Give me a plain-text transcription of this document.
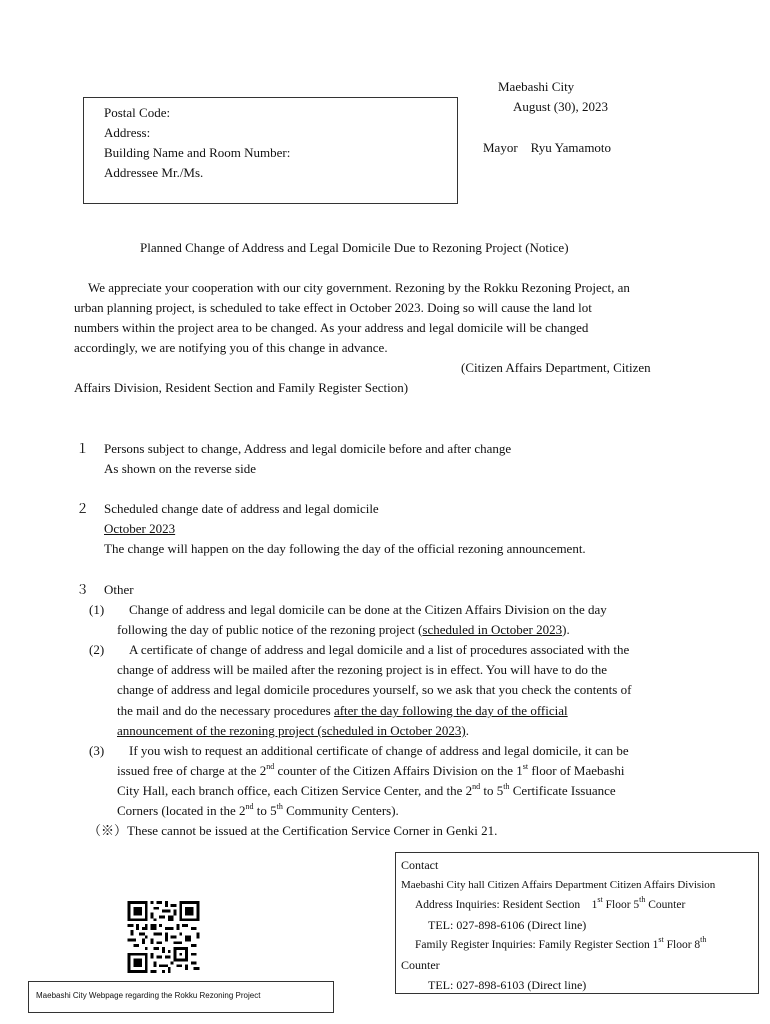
Maebashi City
August (30), 2023
Mayor　Ryu Yamamoto
Postal Code:
Address:
Building Name and Room Number:
Addressee Mr./Ms.
Planned Change of Address and Legal Domicile Due to Rezoning Project (Notice)
We appreciate your cooperation with our city government. Rezoning by the Rokku Rezoning Project, an
urban planning project, is scheduled to take effect in October 2023. Doing so will cause the land lot
numbers within the project area to be changed. As your address and legal domicile will be changed
accordingly, we are notifying you of this change in advance.
(Citizen Affairs Department, Citizen
Affairs Division, Resident Section and Family Register Section)
１ Persons subject to change, Address and legal domicile before and after change
As shown on the reverse side
２ Scheduled change date of address and legal domicile
October 2023
The change will happen on the day following the day of the official rezoning announcement.
３ Other
(1) Change of address and legal domicile can be done at the Citizen Affairs Division on the day
following the day of public notice of the rezoning project (scheduled in October 2023).
(2) A certificate of change of address and legal domicile and a list of procedures associated with the
change of address will be mailed after the rezoning project is in effect. You will have to do the
change of address and legal domicile procedures yourself, so we ask that you check the contents of
the mail and do the necessary procedures after the day following the day of the official
announcement of the rezoning project (scheduled in October 2023).
(3) If you wish to request an additional certificate of change of address and legal domicile, it can be
issued free of charge at the 2nd counter of the Citizen Affairs Division on the 1st floor of Maebashi
City Hall, each branch office, each Citizen Service Center, and the 2nd to 5th Certificate Issuance
Corners (located in the 2nd to 5th Community Centers).
（※）These cannot be issued at the Certification Service Corner in Genki 21.
Contact
Maebashi City hall Citizen Affairs Department Citizen Affairs Division
Address Inquiries: Resident Section　1st Floor 5th Counter
TEL: 027-898-6106 (Direct line)
Family Register Inquiries: Family Register Section 1st Floor 8th
Counter
TEL: 027-898-6103 (Direct line)
Maebashi City Webpage regarding the Rokku Rezoning Project
